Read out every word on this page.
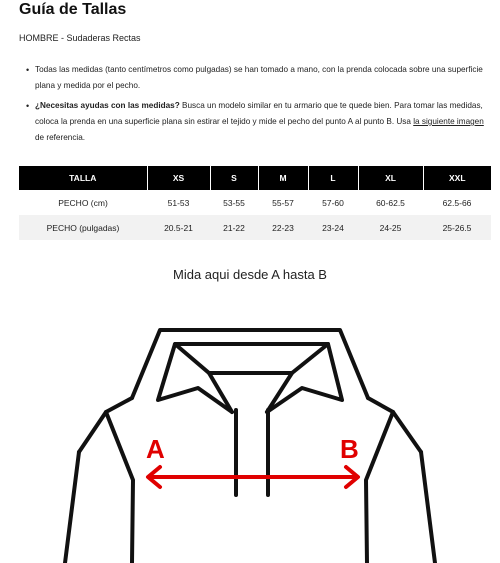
Guía de Tallas
HOMBRE - Sudaderas Rectas
• Todas las medidas (tanto centímetros como pulgadas) se han tomado a mano, con la prenda colocada sobre una superficie plana y medida por el pecho.
• ¿Necesitas ayudas con las medidas? Busca un modelo similar en tu armario que te quede bien. Para tomar las medidas, coloca la prenda en una superficie plana sin estirar el tejido y mide el pecho del punto A al punto B. Usa la siguiente imagen de referencia.
TALLA	XS	S	M	L	XL	XXL
PECHO (cm)	51-53	53-55	55-57	57-60	60-62.5	62.5-66
PECHO (pulgadas)	20.5-21	21-22	22-23	23-24	24-25	25-26.5
Mida aqui desde A hasta B
A	B
